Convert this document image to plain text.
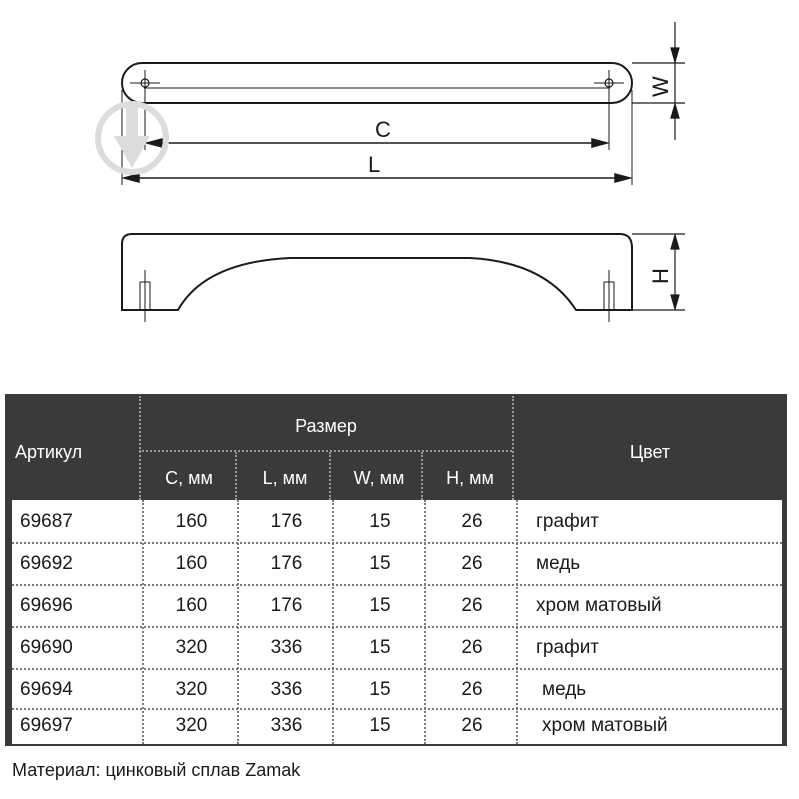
C
L
W
H
Артикул
Размер
Цвет
C, мм	L, мм	W, мм	H, мм
69687	160	176	15	26	графит
69692	160	176	15	26	медь
69696	160	176	15	26	хром матовый
69690	320	336	15	26	графит
69694	320	336	15	26	медь
69697	320	336	15	26	хром матовый
Материал: цинковый сплав Zamak
